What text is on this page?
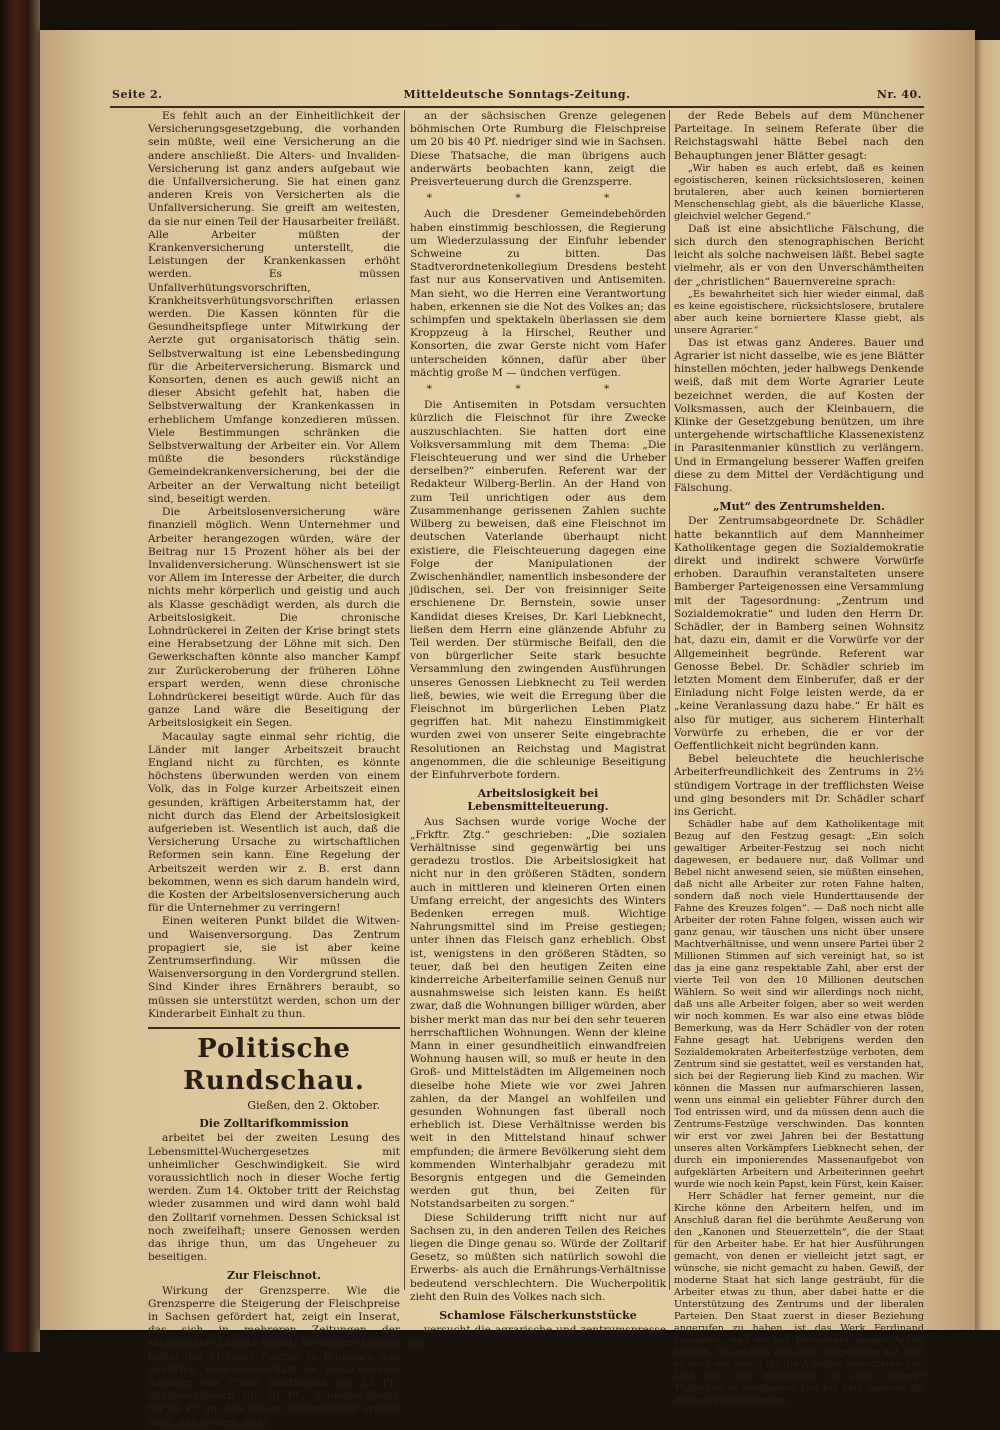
Seite 2.	Mitteldeutsche Sonntags-Zeitung.	Nr. 40.

Es fehlt auch an der Einheitlichkeit der Versicherungsgesetzgebung, die vorhanden sein müßte, weil eine Versicherung an die andere anschließt. Die Alters- und Invaliden-Versicherung ist ganz anders aufgebaut wie die Unfallversicherung. Sie hat einen ganz anderen Kreis von Versicherten als die Unfallversicherung. Sie greift am weitesten, da sie nur einen Teil der Hausarbeiter freiläßt. Alle Arbeiter müßten der Krankenversicherung unterstellt, die Leistungen der Krankenkassen erhöht werden. Es müssen Unfallverhütungsvorschriften, Krankheitsverhütungsvorschriften erlassen werden. Die Kassen könnten für die Gesundheitspflege unter Mitwirkung der Aerzte gut organisatorisch thätig sein. Selbstverwaltung ist eine Lebensbedingung für die Arbeiterversicherung. Bismarck und Konsorten, denen es auch gewiß nicht an dieser Absicht gefehlt hat, haben die Selbstverwaltung der Krankenkassen in erheblichem Umfange konzedieren müssen. Viele Bestimmungen schränken die Selbstverwaltung der Arbeiter ein. Vor Allem müßte die besonders rückständige Gemeindekrankenversicherung, bei der die Arbeiter an der Verwaltung nicht beteiligt sind, beseitigt werden.

Die Arbeitslosenversicherung wäre finanziell möglich. Wenn Unternehmer und Arbeiter herangezogen würden, wäre der Beitrag nur 15 Prozent höher als bei der Invalidenversicherung. Wünschenswert ist sie vor Allem im Interesse der Arbeiter, die durch nichts mehr körperlich und geistig und auch als Klasse geschädigt werden, als durch die Arbeitslosigkeit. Die chronische Lohndrückerei in Zeiten der Krise bringt stets eine Herabsetzung der Löhne mit sich. Den Gewerkschaften könnte also mancher Kampf zur Zurückeroberung der früheren Löhne erspart werden, wenn diese chronische Lohndrückerei beseitigt würde. Auch für das ganze Land wäre die Beseitigung der Arbeitslosigkeit ein Segen.

Macaulay sagte einmal sehr richtig, die Länder mit langer Arbeitszeit braucht England nicht zu fürchten, es könnte höchstens überwunden werden von einem Volk, das in Folge kurzer Arbeitszeit einen gesunden, kräftigen Arbeiterstamm hat, der nicht durch das Elend der Arbeitslosigkeit aufgerieben ist. Wesentlich ist auch, daß die Versicherung Ursache zu wirtschaftlichen Reformen sein kann. Eine Regelung der Arbeitszeit werden wir z. B. erst dann bekommen, wenn es sich darum handeln wird, die Kosten der Arbeitslosenversicherung auch für die Unternehmer zu verringern!

Einen weiteren Punkt bildet die Witwen- und Waisenversorgung. Das Zentrum propagiert sie, sie ist aber keine Zentrumserfindung. Wir müssen die Waisenversorgung in den Vordergrund stellen. Sind Kinder ihres Ernährers beraubt, so müssen sie unterstützt werden, schon um der Kinderarbeit Einhalt zu thun.

Politische Rundschau.
Gießen, den 2. Oktober.
Die Zolltarifkommission

arbeitet bei der zweiten Lesung des Lebensmittel-Wuchergesetzes mit unheimlicher Geschwindigkeit. Sie wird voraussichtlich noch in dieser Woche fertig werden. Zum 14. Oktober tritt der Reichstag wieder zusammen und wird dann wohl bald den Zolltarif vornehmen. Dessen Schicksal ist noch zweifelhaft; unsere Genossen werden das ihrige thun, um das Ungeheuer zu beseitigen.

Zur Fleischnot.

Wirkung der Grenzsperre. Wie die Grenzsperre die Steigerung der Fleischpreise in Sachsen gefördert hat, zeigt ein Inserat, das sich in mehreren Zeitungen der sächsischen Lausitz findet. In diesem Inserat bietet der Metzger Fischer in Rumburg den geehrten Einwohnerschaft im benachbarten Sachsen das Pfund Rindfleisch für 55 Pf., Schöpsenfleisch für 50 Pf., Schweinefleisch für 60 Pf. an. Aus dieser Ankündigung ersieht man, daß in dem dicht

an der sächsischen Grenze gelegenen böhmischen Orte Rumburg die Fleischpreise um 20 bis 40 Pf. niedriger sind wie in Sachsen. Diese Thatsache, die man übrigens auch anderwärts beobachten kann, zeigt die Preisverteuerung durch die Grenzsperre.

* * *

Auch die Dresdener Gemeindebehörden haben einstimmig beschlossen, die Regierung um Wiederzulassung der Einfuhr lebender Schweine zu bitten. Das Stadtverordnetenkollegium Dresdens besteht fast nur aus Konservativen und Antisemiten. Man sieht, wo die Herren eine Verantwortung haben, erkennen sie die Not des Volkes an; das schimpfen und spektakeln überlassen sie dem Kroppzeug à la Hirschel, Reuther und Konsorten, die zwar Gerste nicht vom Hafer unterscheiden können, dafür aber über mächtig große M — ündchen verfügen.

* * *

Die Antisemiten in Potsdam versuchten kürzlich die Fleischnot für ihre Zwecke auszuschlachten. Sie hatten dort eine Volksversammlung mit dem Thema: „Die Fleischteuerung und wer sind die Urheber derselben?“ einberufen. Referent war der Redakteur Wilberg-Berlin. An der Hand von zum Teil unrichtigen oder aus dem Zusammenhange gerissenen Zahlen suchte Wilberg zu beweisen, daß eine Fleischnot im deutschen Vaterlande überhaupt nicht existiere, die Fleischteuerung dagegen eine Folge der Manipulationen der Zwischenhändler, namentlich insbesondere der jüdischen, sei. Der von freisinniger Seite erschienene Dr. Bernstein, sowie unser Kandidat dieses Kreises, Dr. Karl Liebknecht, ließen dem Herrn eine glänzende Abfuhr zu Teil werden. Der stürmische Beifall, den die von bürgerlicher Seite stark besuchte Versammlung den zwingenden Ausführungen unseres Genossen Liebknecht zu Teil werden ließ, bewies, wie weit die Erregung über die Fleischnot im bürgerlichen Leben Platz gegriffen hat. Mit nahezu Einstimmigkeit wurden zwei von unserer Seite eingebrachte Resolutionen an Reichstag und Magistrat angenommen, die die schleunige Beseitigung der Einfuhrverbote fordern.

Arbeitslosigkeit bei Lebensmittelteuerung.

Aus Sachsen wurde vorige Woche der „Frkftr. Ztg.“ geschrieben: „Die sozialen Verhältnisse sind gegenwärtig bei uns geradezu trostlos. Die Arbeitslosigkeit hat nicht nur in den größeren Städten, sondern auch in mittleren und kleineren Orten einen Umfang erreicht, der angesichts des Winters Bedenken erregen muß. Wichtige Nahrungsmittel sind im Preise gestiegen; unter ihnen das Fleisch ganz erheblich. Obst ist, wenigstens in den größeren Städten, so teuer, daß bei den heutigen Zeiten eine kinderreiche Arbeiterfamilie seinen Genuß nur ausnahmsweise sich leisten kann. Es heißt zwar, daß die Wohnungen billiger würden, aber bisher merkt man das nur bei den sehr teueren herrschaftlichen Wohnungen. Wenn der kleine Mann in einer gesundheitlich einwandfreien Wohnung hausen will, so muß er heute in den Groß- und Mittelstädten im Allgemeinen noch dieselbe hohe Miete wie vor zwei Jahren zahlen, da der Mangel an wohlfeilen und gesunden Wohnungen fast überall noch erheblich ist. Diese Verhältnisse werden bis weit in den Mittelstand hinauf schwer empfunden; die ärmere Bevölkerung sieht dem kommenden Winterhalbjahr geradezu mit Besorgnis entgegen und die Gemeinden werden gut thun, bei Zeiten für Notstandsarbeiten zu sorgen.“

Diese Schilderung trifft nicht nur auf Sachsen zu, in den anderen Teilen des Reiches liegen die Dinge genau so. Würde der Zolltarif Gesetz, so müßten sich natürlich sowohl die Erwerbs- als auch die Ernährungs-Verhältnisse bedeutend verschlechtern. Die Wucherpolitik zieht den Ruin des Volkes nach sich.

Schamlose Fälscherkunststücke

versucht die agrarische und zentrumspresse an

der Rede Bebels auf dem Münchener Parteitage. In seinem Referate über die Reichstagswahl hätte Bebel nach den Behauptungen jener Blätter gesagt:

„Wir haben es auch erlebt, daß es keinen egoistischeren, keinen rücksichtsloseren, keinen brutaleren, aber auch keinen bornierteren Menschenschlag giebt, als die bäuerliche Klasse, gleichviel welcher Gegend.“

Daß ist eine absichtliche Fälschung, die sich durch den stenographischen Bericht leicht als solche nachweisen läßt. Bebel sagte vielmehr, als er von den Unverschämtheiten der „christlichen“ Bauernvereine sprach:

„Es bewahrheitet sich hier wieder einmal, daß es keine egoistischere, rücksichtslosere, brutalere aber auch keine borniertere Klasse giebt, als unsere Agrarier.“

Das ist etwas ganz Anderes. Bauer und Agrarier ist nicht dasselbe, wie es jene Blätter hinstellen möchten, jeder halbwegs Denkende weiß, daß mit dem Worte Agrarier Leute bezeichnet werden, die auf Kosten der Volksmassen, auch der Kleinbauern, die Klinke der Gesetzgebung benützen, um ihre untergehende wirtschaftliche Klassenexistenz in Parasitenmanier künstlich zu verlängern. Und in Ermangelung besserer Waffen greifen diese zu dem Mittel der Verdächtigung und Fälschung.

„Mut“ des Zentrumshelden.

Der Zentrumsabgeordnete Dr. Schädler hatte bekanntlich auf dem Mannheimer Katholikentage gegen die Sozialdemokratie direkt und indirekt schwere Vorwürfe erhoben. Daraufhin veranstalteten unsere Bamberger Parteigenossen eine Versammlung mit der Tagesordnung: „Zentrum und Sozialdemokratie“ und luden den Herrn Dr. Schädler, der in Bamberg seinen Wohnsitz hat, dazu ein, damit er die Vorwürfe vor der Allgemeinheit begründe. Referent war Genosse Bebel. Dr. Schädler schrieb im letzten Moment dem Einberufer, daß er der Einladung nicht Folge leisten werde, da er „keine Veranlassung dazu habe.“ Er hält es also für mutiger, aus sicherem Hinterhalt Vorwürfe zu erheben, die er vor der Oeffentlichkeit nicht begründen kann.

Bebel beleuchtete die heuchlerische Arbeiterfreundlichkeit des Zentrums in 2½ stündigem Vortrage in der trefflichsten Weise und ging besonders mit Dr. Schädler scharf ins Gericht.

Schädler habe auf dem Katholikentage mit Bezug auf den Festzug gesagt: „Ein solch gewaltiger Arbeiter-Festzug sei noch nicht dagewesen, er bedauere nur, daß Vollmar und Bebel nicht anwesend seien, sie müßten einsehen, daß nicht alle Arbeiter zur roten Fahne halten, sondern daß noch viele Hunderttausende der Fahne des Kreuzes folgen“. — Daß noch nicht alle Arbeiter der roten Fahne folgen, wissen auch wir ganz genau, wir täuschen uns nicht über unsere Machtverhältnisse, und wenn unsere Partei über 2 Millionen Stimmen auf sich vereinigt hat, so ist das ja eine ganz respektable Zahl, aber erst der vierte Teil von den 10 Millionen deutschen Wählern. So weit sind wir allerdings noch nicht, daß uns alle Arbeiter folgen, aber so weit werden wir noch kommen. Es war also eine etwas blöde Bemerkung, was da Herr Schädler von der roten Fahne gesagt hat. Uebrigens werden den Sozialdemokraten Arbeiterfestzüge verboten, dem Zentrum sind sie gestattet, weil es verstanden hat, sich bei der Regierung lieb Kind zu machen. Wir können die Massen nur aufmarschieren lassen, wenn uns einmal ein geliebter Führer durch den Tod entrissen wird, und da müssen denn auch die Zentrums-Festzüge verschwinden. Das konnten wir erst vor zwei Jahren bei der Bestattung unseres alten Vorkämpfers Liebknecht sehen, der durch ein imponierendes Massenaufgebot von aufgeklärten Arbeitern und Arbeiterinnen geehrt wurde wie noch kein Papst, kein Fürst, kein Kaiser.

Herr Schädler hat ferner gemeint, nur die Kirche könne den Arbeitern helfen, und im Anschluß daran fiel die berühmte Aeußerung von den „Kanonen und Steuerzetteln“, die der Staat für den Arbeiter habe. Er hat hier Ausführungen gemacht, von denen er vielleicht jetzt sagt, er wünsche, sie nicht gemacht zu haben. Gewiß, der moderne Staat hat sich lange gesträubt, für die Arbeiter etwas zu thun, aber dabei hatte er die Unterstützung des Zentrums und der liberalen Parteien. Den Staat zuerst in dieser Beziehung angerufen zu haben, ist das Werk Ferdinand Lassalle's, und es hat Jahrzehnte langer Arbeit bedurft, bis endlich der Staat eingesehen hat, daß er auch ein wenig für die Arbeiter einzutreten hat. Und daß dies geschehen, ist allein unserer Thätigkeit zu verdanken. Das hat kein Anderer als Bismarck zugestanden.
